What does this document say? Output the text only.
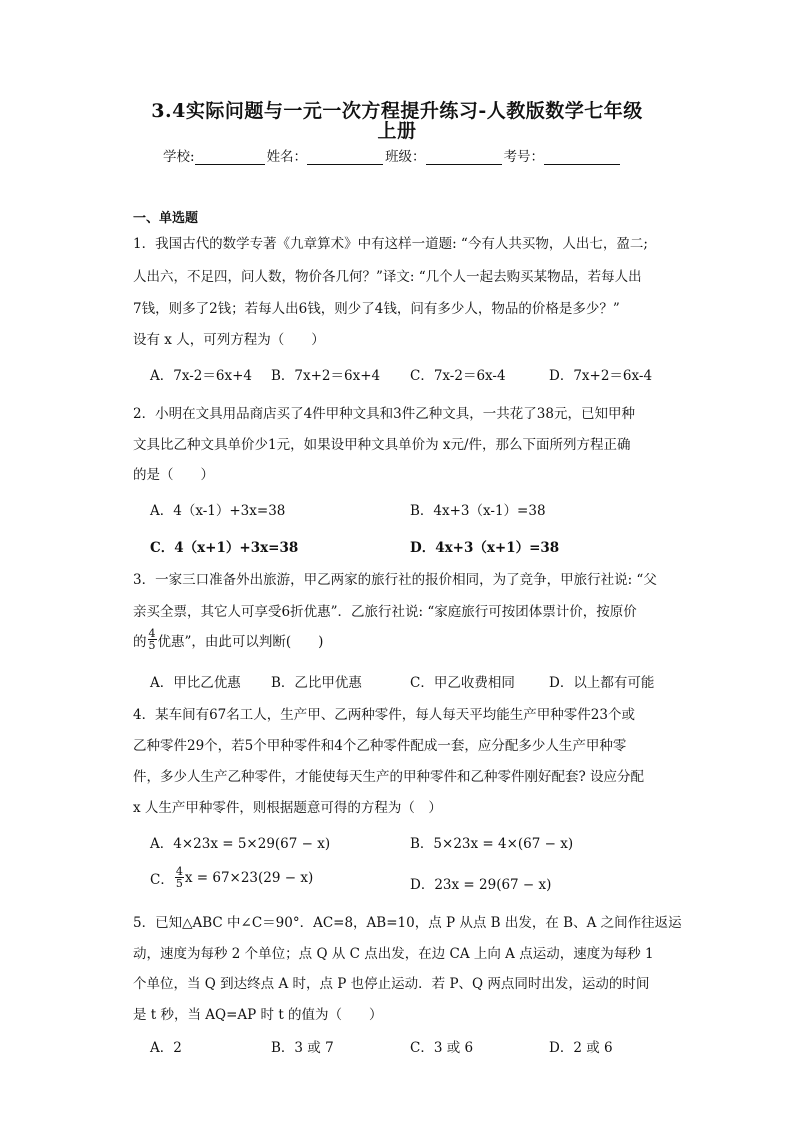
3.4实际问题与一元一次方程提升练习-人教版数学七年级
上册
学校:	姓名：	班级：	考号：
一、单选题
1．我国古代的数学专著《九章算术》中有这样一道题: “今有人共买物，人出七，盈二;
人出六，不足四，问人数，物价各几何？”译文: “几个人一起去购买某物品，若每人出
7钱，则多了2钱；若每人出6钱，则少了4钱，问有多少人，物品的价格是多少？”
设有 x 人，可列方程为（　　）
A．7x-2＝6x+4 B．7x+2＝6x+4 C．7x-2＝6x-4	D．7x+2＝6x-4
2．小明在文具用品商店买了4件甲种文具和3件乙种文具，一共花了38元，已知甲种
文具比乙种文具单价少1元，如果设甲种文具单价为 x元/件，那么下面所列方程正确
的是（　　）
A．4（x-1）+3x=38	B．4x+3（x-1）=38
C．4（x+1）+3x=38	D．4x+3（x+1）=38
3．一家三口准备外出旅游，甲乙两家的旅行社的报价相同，为了竞争，甲旅行社说: “父
亲买全票，其它人可享受6折优惠”．乙旅行社说: “家庭旅行可按团体票计价，按原价
的 $\frac{4}{5}$ 优惠”，由此可以判断(　　)
A．甲比乙优惠 B．乙比甲优惠	C．甲乙收费相同	D．以上都有可能
4．某车间有67名工人，生产甲、乙两种零件，每人每天平均能生产甲种零件23个或
乙种零件29个，若5个甲种零件和4个乙种零件配成一套，应分配多少人生产甲种零
件，多少人生产乙种零件，才能使每天生产的甲种零件和乙种零件刚好配套? 设应分配
x 人生产甲种零件，则根据题意可得的方程为（　）
A．4×23x = 5×29(67 − x)	B．5×23x = 4×(67 − x)
C． $\frac{4}{5}$ x = 67×23(29 − x)	D．23x = 29(67 − x)
5．已知△ABC 中∠C＝90°．AC=8，AB=10，点 P 从点 B 出发，在 B、A 之间作往返运
动，速度为每秒 2 个单位；点 Q 从 C 点出发，在边 CA 上向 A 点运动，速度为每秒 1
个单位，当 Q 到达终点 A 时，点 P 也停止运动．若 P、Q 两点同时出发，运动的时间
是 t 秒，当 AQ=AP 时 t 的值为（　　）
A．2	B．3 或 7	C．3 或 6	D．2 或 6
